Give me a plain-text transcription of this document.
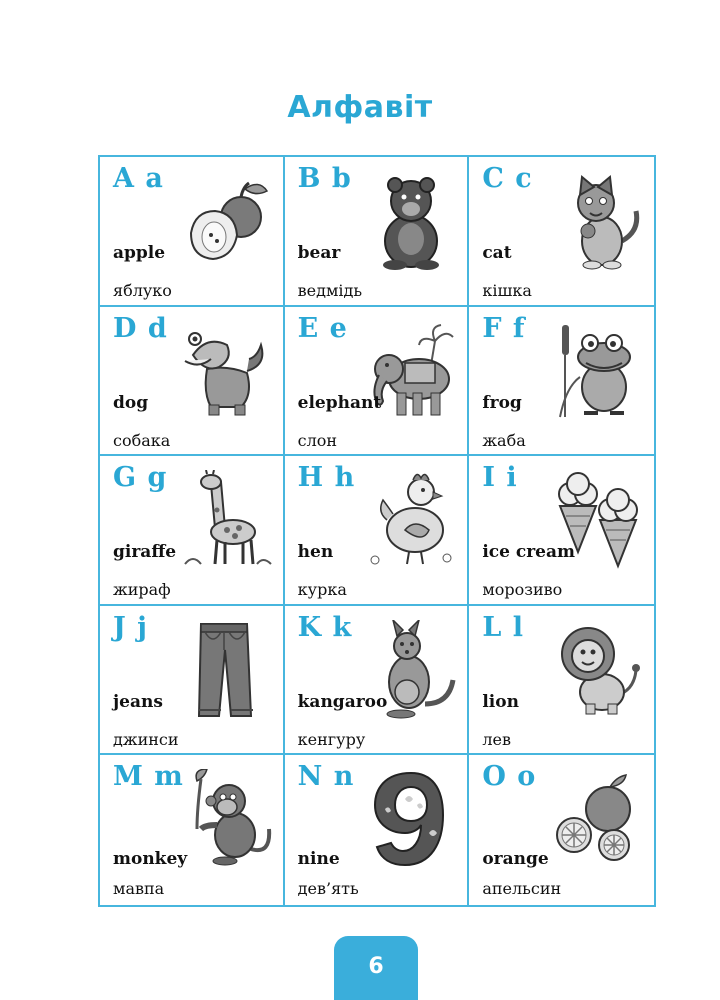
Алфавіт
A a
apple
яблуко
B b
bear
ведмідь
C c
cat
кішка
D d
dog
собака
E e
elephant
слон
F f
frog
жаба
G g
giraffe
жираф
H h
hen
курка
I i
ice cream
морозиво
J j
jeans
джинси
K k
kangaroo
кенгуру
L l
lion
лев
M m
monkey
мавпа
N n
nine
дев’ять
O o
orange
апельсин
6
